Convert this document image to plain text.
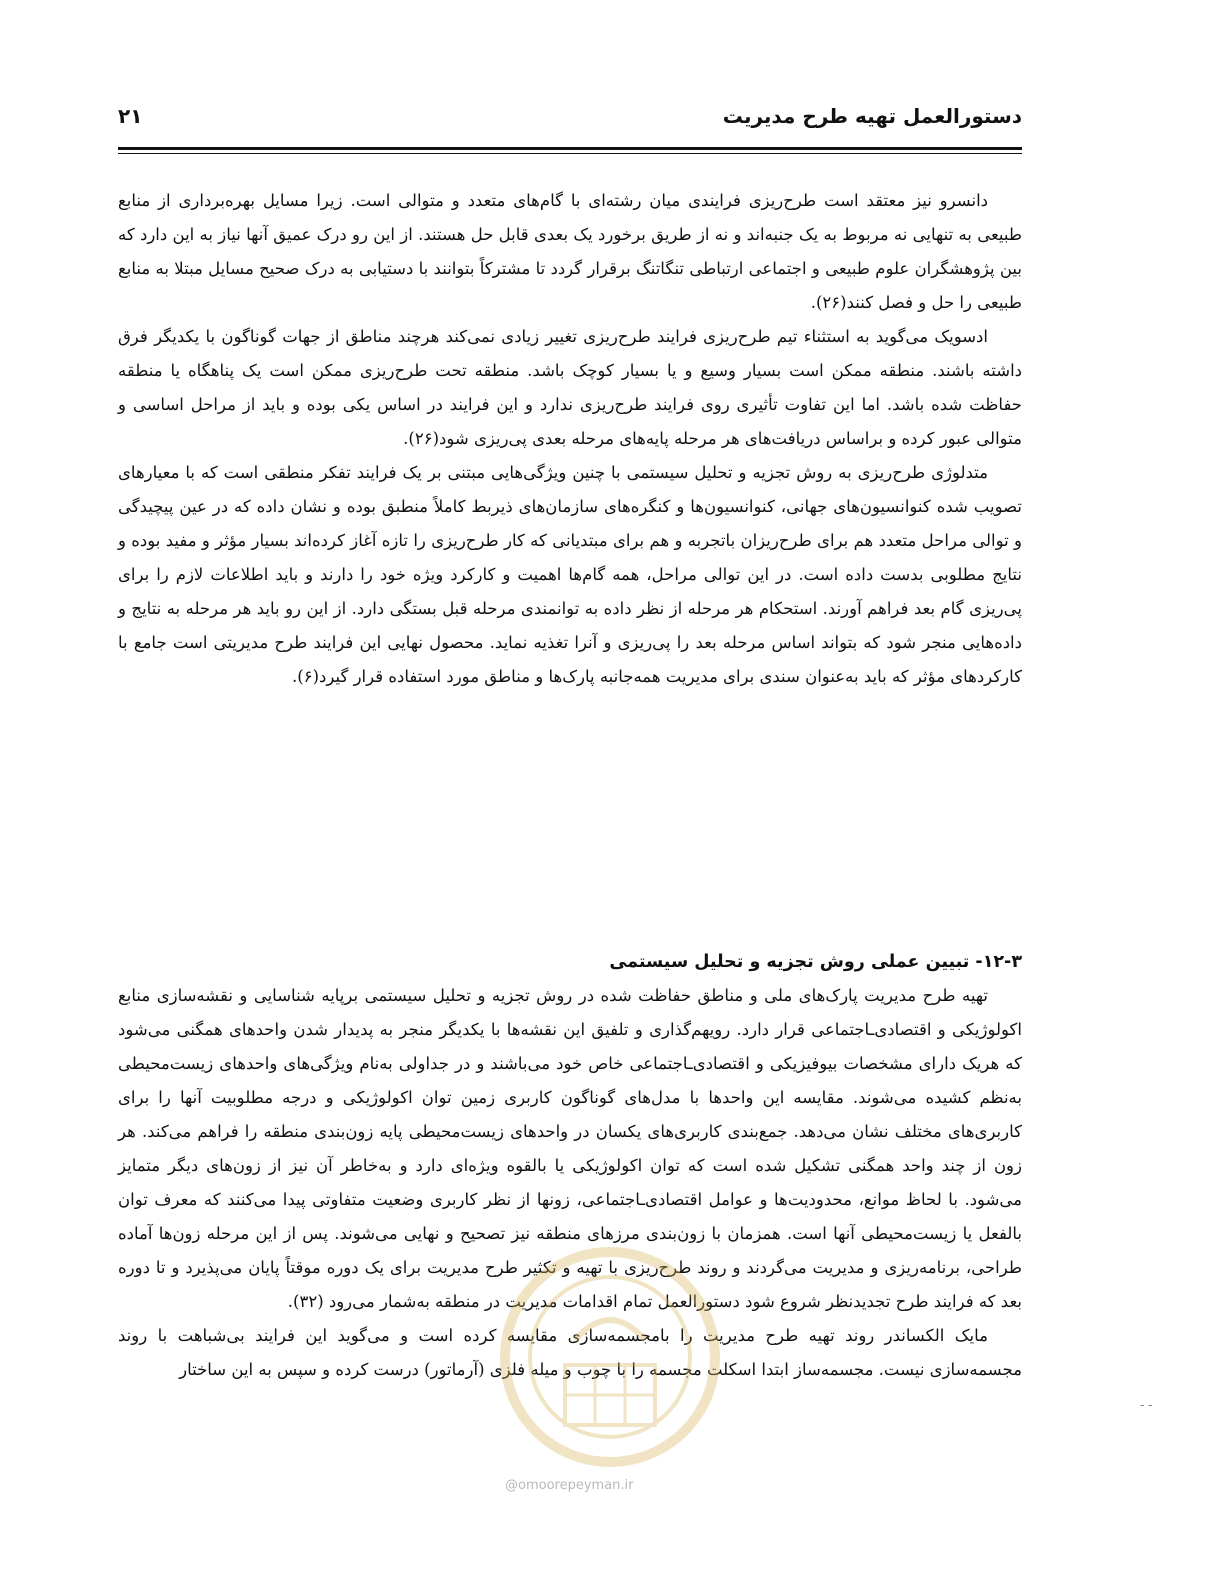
دستورالعمل تهیه طرح مدیریت
۲۱

دانسرو نیز معتقد است طرح‌ریزی فرایندی میان رشته‌ای با گام‌های متعدد و متوالی است. زیرا مسایل بهره‌برداری از منابع طبیعی به تنهایی نه مربوط به یک جنبه‌اند و نه از طریق برخورد یک بعدی قابل حل هستند. از این رو درک عمیق آنها نیاز به این دارد که بین پژوهشگران علوم طبیعی و اجتماعی ارتباطی تنگاتنگ برقرار گردد تا مشترکاً بتوانند با دستیابی به درک صحیح مسایل مبتلا به منابع طبیعی را حل و فصل کنند(۲۶).

ادسویک می‌گوید به استثناء تیم طرح‌ریزی فرایند طرح‌ریزی تغییر زیادی نمی‌کند هرچند مناطق از جهات گوناگون با یکدیگر فرق داشته باشند. منطقه ممکن است بسیار وسیع و یا بسیار کوچک باشد. منطقه تحت طرح‌ریزی ممکن است یک پناهگاه یا منطقه حفاظت شده باشد. اما این تفاوت تأثیری روی فرایند طرح‌ریزی ندارد و این فرایند در اساس یکی بوده و باید از مراحل اساسی و متوالی عبور کرده و براساس دریافت‌های هر مرحله پایه‌های مرحله بعدی پی‌ریزی شود(۲۶).

متدلوژی طرح‌ریزی به روش تجزیه و تحلیل سیستمی با چنین ویژگی‌هایی مبتنی بر یک فرایند تفکر منطقی است که با معیارهای تصویب شده کنوانسیون‌های جهانی، کنوانسیون‌ها و کنگره‌های سازمان‌های ذیربط کاملاً منطبق بوده و نشان داده که در عین پیچیدگی و توالی مراحل متعدد هم برای طرح‌ریزان باتجربه و هم برای مبتدیانی که کار طرح‌ریزی را تازه آغاز کرده‌اند بسیار مؤثر و مفید بوده و نتایج مطلوبی بدست داده است. در این توالی مراحل، همه گام‌ها اهمیت و کارکرد ویژه خود را دارند و باید اطلاعات لازم را برای پی‌ریزی گام بعد فراهم آورند. استحکام هر مرحله از نظر داده به توانمندی مرحله قبل بستگی دارد. از این رو باید هر مرحله به نتایج و داده‌هایی منجر شود که بتواند اساس مرحله بعد را پی‌ریزی و آنرا تغذیه نماید. محصول نهایی این فرایند طرح مدیریتی است جامع با کارکردهای مؤثر که باید به‌عنوان سندی برای مدیریت همه‌جانبه پارک‌ها و مناطق مورد استفاده قرار گیرد(۶).

۱۲-۳- تبیین عملی روش تجزیه و تحلیل سیستمی

تهیه طرح مدیریت پارک‌های ملی و مناطق حفاظت شده در روش تجزیه و تحلیل سیستمی برپایه شناسایی و نقشه‌سازی منابع اکولوژیکی و اقتصادی‌ـاجتماعی قرار دارد. رویهم‌گذاری و تلفیق این نقشه‌ها با یکدیگر منجر به پدیدار شدن واحدهای همگنی می‌شود که هریک دارای مشخصات بیوفیزیکی و اقتصادی‌ـاجتماعی خاص خود می‌باشند و در جداولی به‌نام ویژگی‌های واحدهای زیست‌محیطی به‌نظم کشیده می‌شوند. مقایسه این واحدها با مدل‌های گوناگون کاربری زمین توان اکولوژیکی و درجه مطلوبیت آنها را برای کاربری‌های مختلف نشان می‌دهد. جمع‌بندی کاربری‌های یکسان در واحدهای زیست‌محیطی پایه زون‌بندی منطقه را فراهم می‌کند. هر زون از چند واحد همگنی تشکیل شده است که توان اکولوژیکی یا بالقوه ویژه‌ای دارد و به‌خاطر آن نیز از زون‌های دیگر متمایز می‌شود. با لحاظ موانع، محدودیت‌ها و عوامل اقتصادی‌ـاجتماعی، زونها از نظر کاربری وضعیت متفاوتی پیدا می‌کنند که معرف توان بالفعل یا زیست‌محیطی آنها است. همزمان با زون‌بندی مرزهای منطقه نیز تصحیح و نهایی می‌شوند. پس از این مرحله زون‌ها آماده طراحی، برنامه‌ریزی و مدیریت می‌گردند و روند طرح‌ریزی با تهیه و تکثیر طرح مدیریت برای یک دوره موقتاً پایان می‌پذیرد و تا دوره بعد که فرایند طرح تجدیدنظر شروع شود دستورالعمل تمام اقدامات مدیریت در منطقه به‌شمار می‌رود (۳۲).

مایک الکساندر روند تهیه طرح مدیریت را بامجسمه‌سازی مقایسه کرده است و می‌گوید این فرایند بی‌شباهت با روند مجسمه‌سازی نیست. مجسمه‌ساز ابتدا اسکلت مجسمه را با چوب و میله فلزی (آرماتور) درست کرده و سپس به این ساختار

@omoorepeyman.ir
‐ ‐
